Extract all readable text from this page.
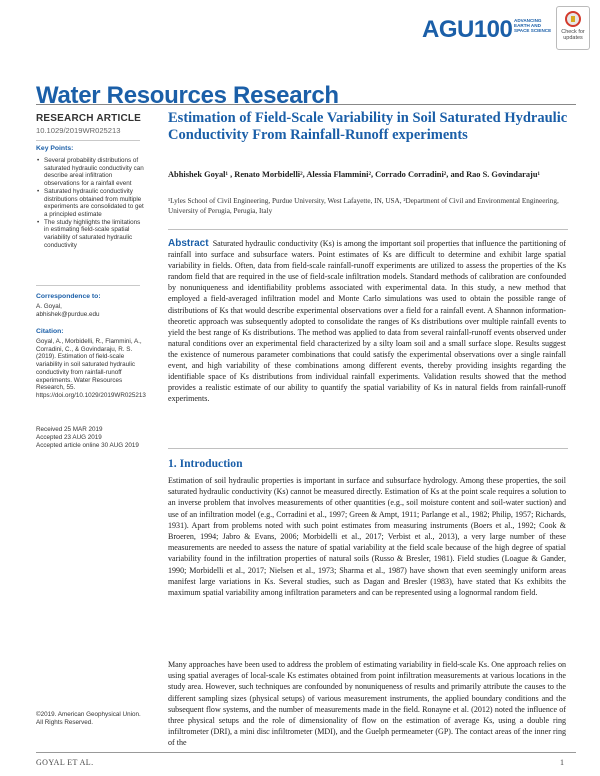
AGU100 ADVANCING EARTH AND SPACE SCIENCE	Check for updates
Water Resources Research
RESEARCH ARTICLE
10.1029/2019WR025213
Key Points:
• Several probability distributions of saturated hydraulic conductivity can describe areal infiltration observations for a rainfall event
• Saturated hydraulic conductivity distributions obtained from multiple experiments are consolidated to get a principled estimate
• The study highlights the limitations in estimating field-scale spatial variability of saturated hydraulic conductivity
Correspondence to:
A. Goyal,
abhishek@purdue.edu
Citation:
Goyal, A., Morbidelli, R., Flammini, A., Corradini, C., & Govindaraju, R. S. (2019). Estimation of field-scale variability in soil saturated hydraulic conductivity from rainfall-runoff experiments. Water Resources Research, 55. https://doi.org/10.1029/2019WR025213
Received 25 MAR 2019
Accepted 23 AUG 2019
Accepted article online 30 AUG 2019
©2019. American Geophysical Union.
All Rights Reserved.
Estimation of Field-Scale Variability in Soil Saturated Hydraulic Conductivity From Rainfall-Runoff experiments
Abhishek Goyal¹ , Renato Morbidelli², Alessia Flammini², Corrado Corradini², and Rao S. Govindaraju¹
¹Lyles School of Civil Engineering, Purdue University, West Lafayette, IN, USA, ²Department of Civil and Environmental Engineering, University of Perugia, Perugia, Italy
Abstract Saturated hydraulic conductivity (Ks) is among the important soil properties that influence the partitioning of rainfall into surface and subsurface waters. Point estimates of Ks are difficult to determine and exhibit large spatial variability in fields. Often, data from field-scale rainfall-runoff experiments are utilized to assess the properties of the Ks random field that are required in the use of field-scale infiltration models. Standard methods of calibration are confounded by nonuniqueness and identifiability problems associated with experimental data. In this study, a new method that employed a field-averaged infiltration model and Monte Carlo simulations was used to obtain the possible range of distributions of Ks that would describe experimental observations over a field for a rainfall event. A Shannon information-theoretic approach was subsequently adopted to consolidate the ranges of Ks distributions over multiple rainfall events to yield the best range of Ks distributions. The method was applied to data from several rainfall-runoff events observed under natural conditions over an experimental field characterized by a silty loam soil and a small surface slope. Results suggest the existence of numerous parameter combinations that could satisfy the experimental observations over a single rainfall event, and high variability of these combinations among different events, thereby providing insights regarding the identifiable space of Ks distributions from individual rainfall experiments. Validation results showed that the method provides a realistic estimate of our ability to quantify the spatial variability of Ks in natural fields from rainfall-runoff experiments.
1. Introduction
Estimation of soil hydraulic properties is important in surface and subsurface hydrology. Among these properties, the soil saturated hydraulic conductivity (Ks) cannot be measured directly. Estimation of Ks at the point scale requires a solution to an inverse problem that involves measurements of other quantities (e.g., soil moisture content and soil-water suction) and use of an infiltration model (e.g., Corradini et al., 1997; Green & Ampt, 1911; Parlange et al., 1982; Philip, 1957; Richards, 1931). Apart from problems noted with such point estimates from measuring instruments (Boers et al., 1992; Cook & Broeren, 1994; Jabro & Evans, 2006; Morbidelli et al., 2017; Verbist et al., 2013), a very large number of these measurements are needed to assess the nature of spatial variability at the field scale because of the high degree of spatial variability found in the infiltration properties of natural soils (Russo & Bresler, 1981). Field studies (Loague & Gander, 1990; Morbidelli et al., 2017; Nielsen et al., 1973; Sharma et al., 1987) have shown that even seemingly uniform areas manifest large variations in Ks. Several studies, such as Dagan and Bresler (1983), have stated that Ks exhibits the maximum spatial variability among infiltration parameters and can be represented using a lognormal random field.
Many approaches have been used to address the problem of estimating variability in field-scale Ks. One approach relies on using spatial averages of local-scale Ks estimates obtained from point infiltration measurements at various locations in the study area. However, such techniques are confounded by nonuniqueness of results and primarily attribute the causes to the different sampling sizes (physical setups) of various measurement instruments, the applied boundary conditions and the subsequent flow systems, and the number of measurements made in the field. Ronayne et al. (2012) noted the influence of three physical setups and the role of dimensionality of flow on the estimation of average Ks, using a double ring infiltrometer (DRI), a mini disc infiltrometer (MDI), and the Guelph permeameter (GP). The contact areas of the inner ring of the
GOYAL ET AL.	1
